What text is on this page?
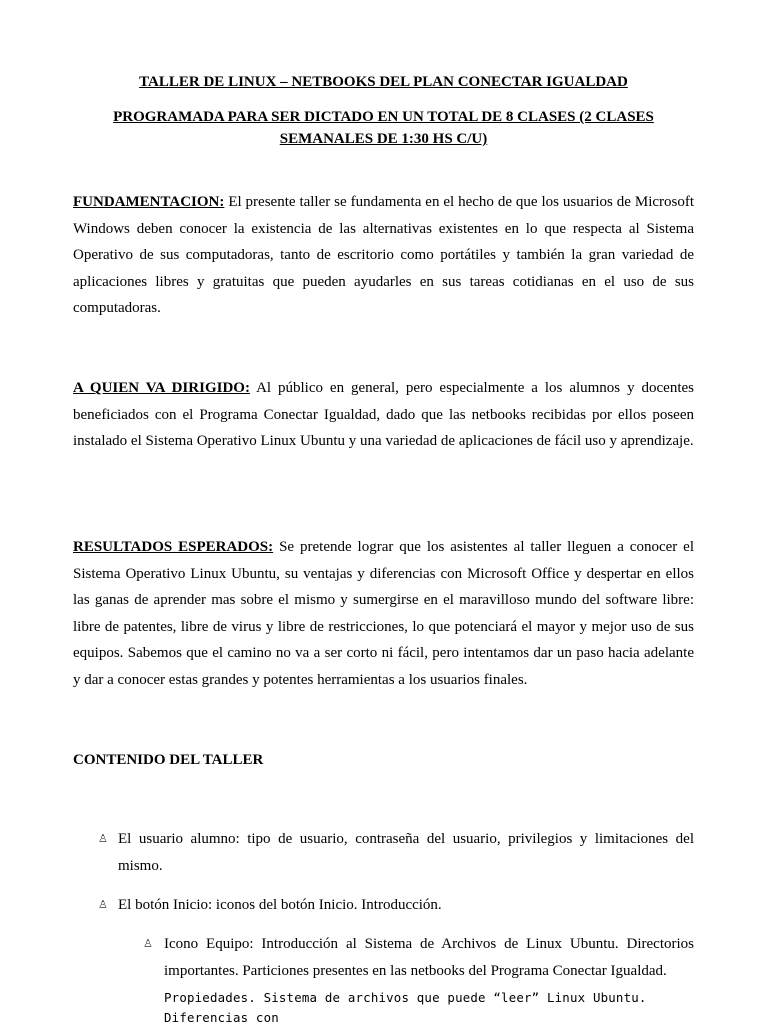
TALLER DE LINUX – NETBOOKS DEL PLAN CONECTAR IGUALDAD
PROGRAMADA PARA SER DICTADO EN UN TOTAL DE 8 CLASES (2 CLASES
SEMANALES DE 1:30 HS C/U)
FUNDAMENTACION: El presente taller se fundamenta en el hecho de que los usuarios de Microsoft Windows deben conocer la existencia de las alternativas existentes en lo que respecta al Sistema Operativo de sus computadoras, tanto de escritorio como portátiles y también la gran variedad de aplicaciones libres y gratuitas que pueden ayudarles en sus tareas cotidianas en el uso de sus computadoras.
A QUIEN VA DIRIGIDO: Al público en general, pero especialmente a los alumnos y docentes beneficiados con el Programa Conectar Igualdad, dado que las netbooks recibidas por ellos poseen instalado el Sistema Operativo Linux Ubuntu y una variedad de aplicaciones de fácil uso y aprendizaje.
RESULTADOS ESPERADOS: Se pretende lograr que los asistentes al taller lleguen a conocer el Sistema Operativo Linux Ubuntu, su ventajas y diferencias con Microsoft Office y despertar en ellos las ganas de aprender mas sobre el mismo y sumergirse en el maravilloso mundo del software libre: libre de patentes, libre de virus y libre de restricciones, lo que potenciará el mayor y mejor uso de sus equipos. Sabemos que el camino no va a ser corto ni fácil, pero intentamos dar un paso hacia adelante y dar a conocer estas grandes y potentes herramientas a los usuarios finales.
CONTENIDO DEL TALLER
♙ El usuario alumno: tipo de usuario, contraseña del usuario, privilegios y limitaciones del mismo.
♙ El botón Inicio: iconos del botón Inicio. Introducción.
♙ Icono Equipo: Introducción al Sistema de Archivos de Linux Ubuntu. Directorios importantes. Particiones presentes en las netbooks del Programa Conectar Igualdad.
Propiedades. Sistema de archivos que puede “leer” Linux Ubuntu. Diferencias con
